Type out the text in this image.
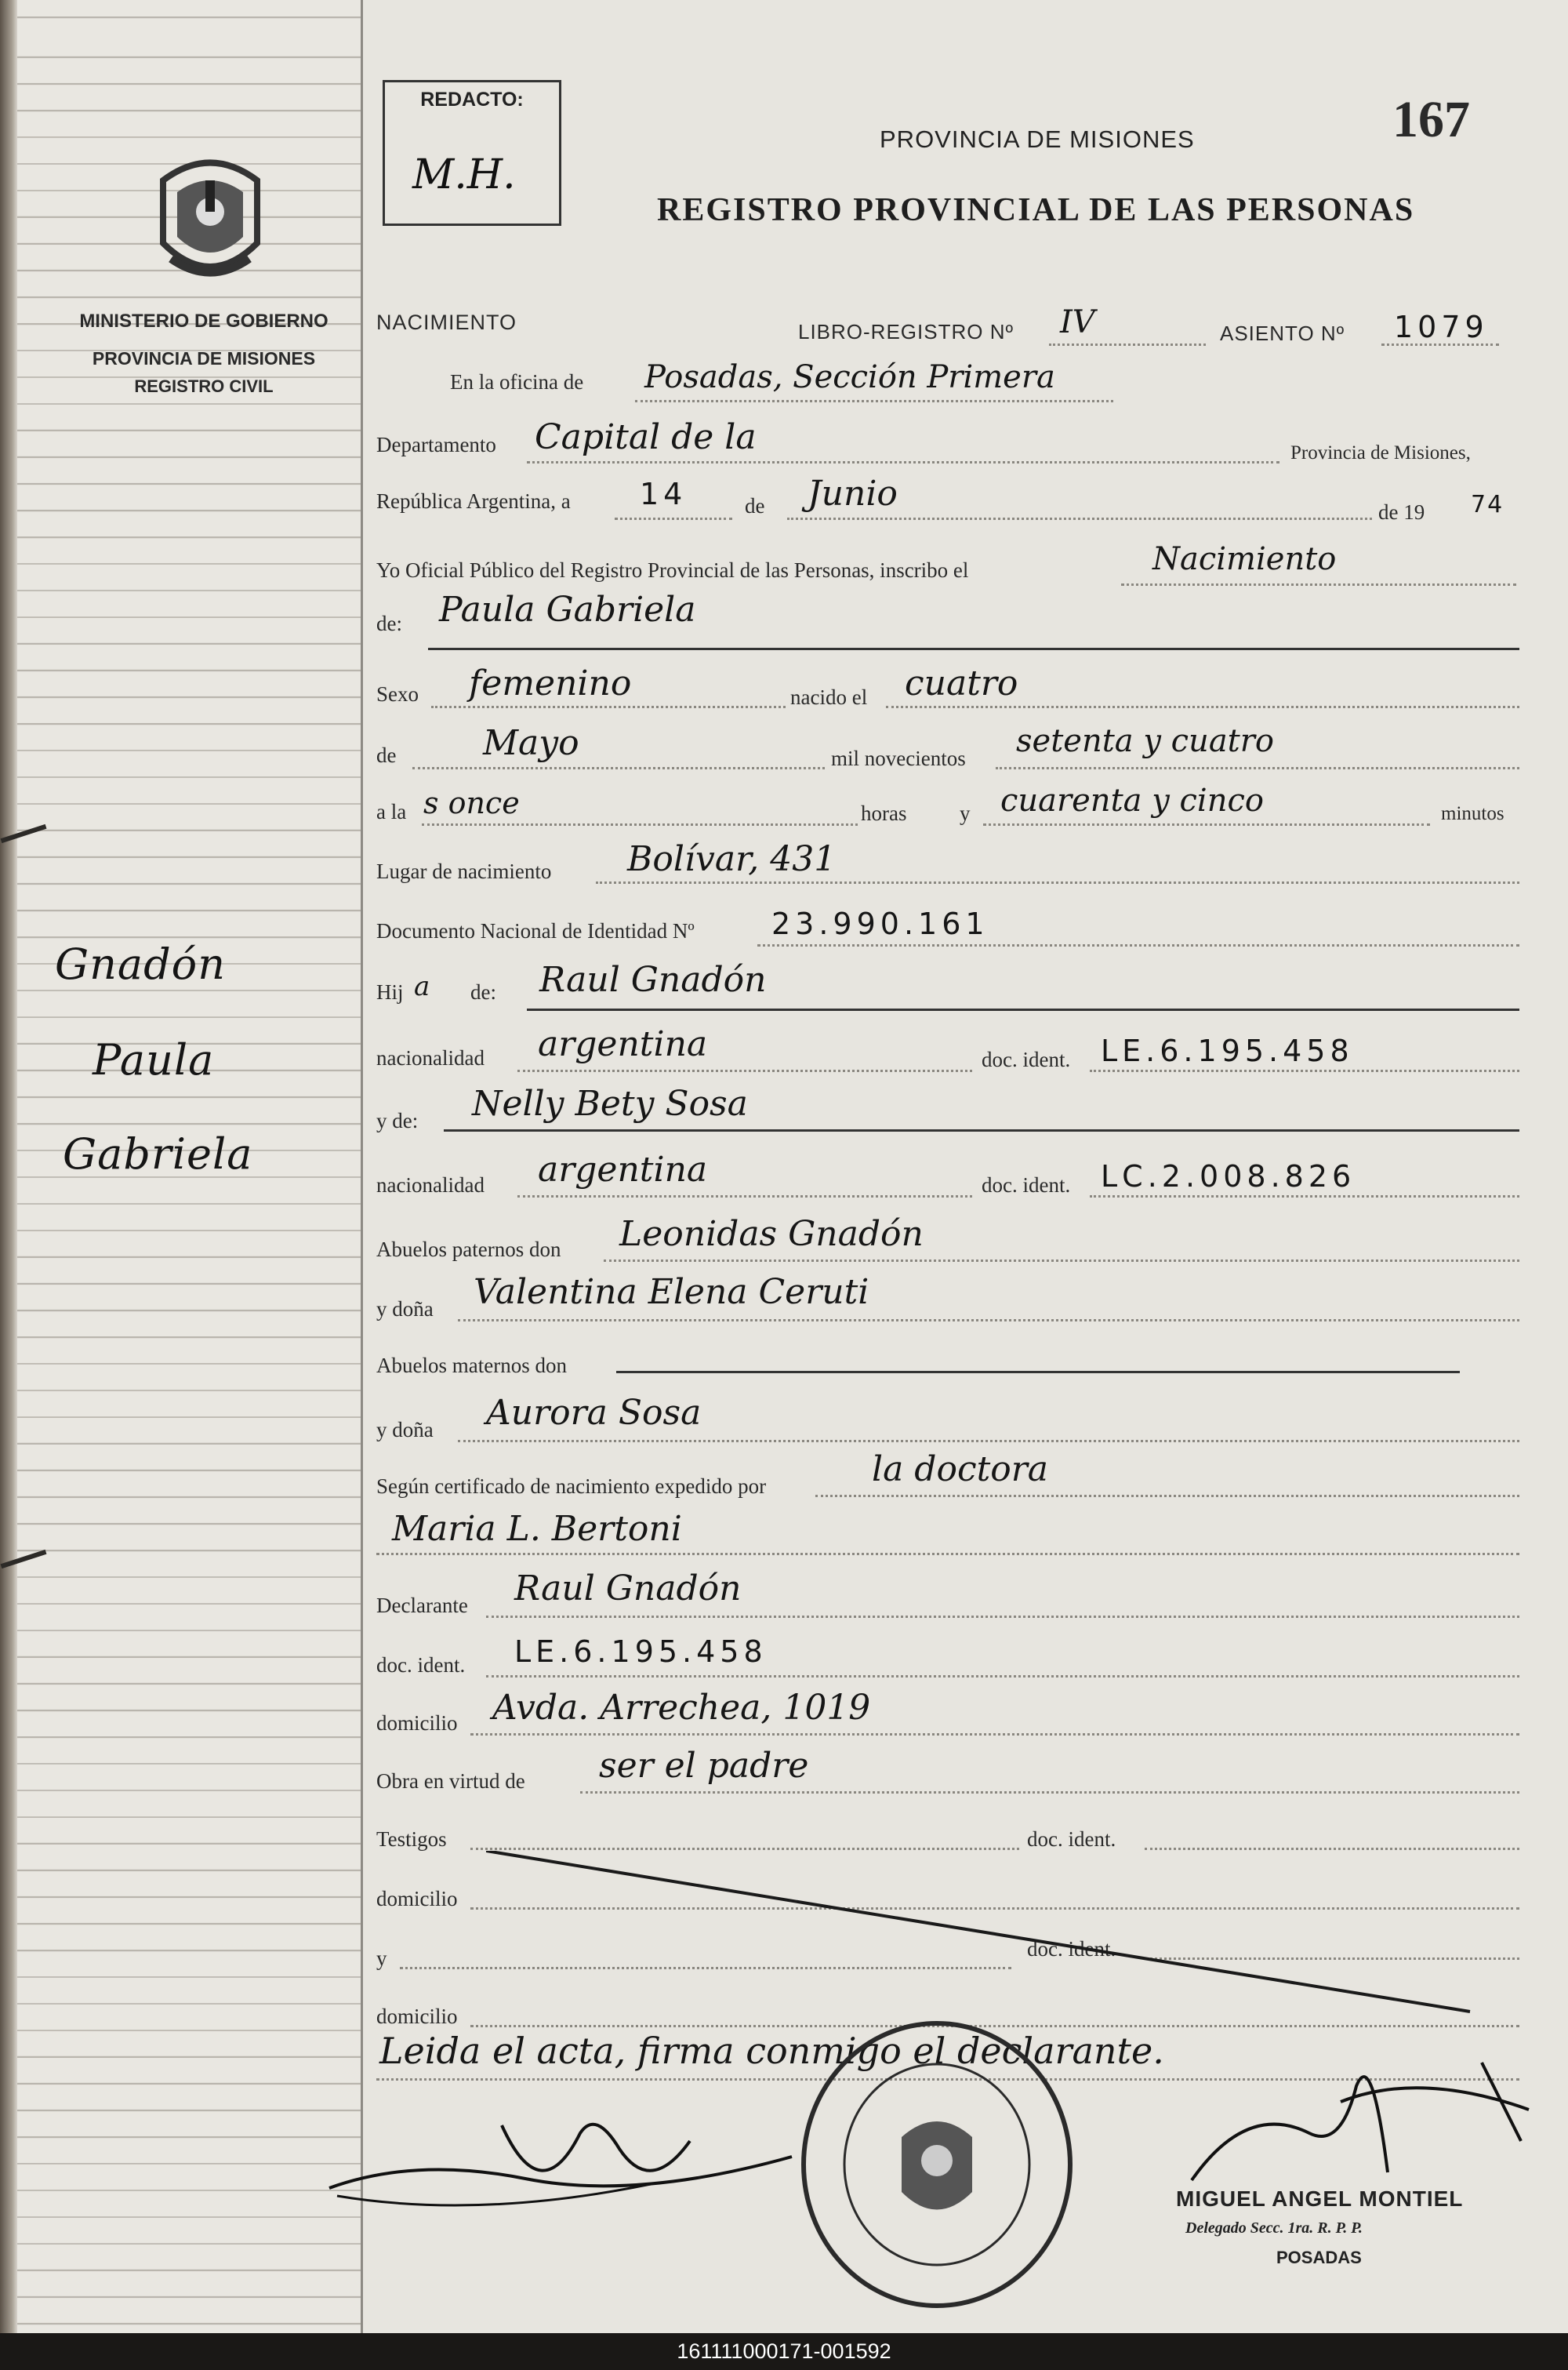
MINISTERIO DE GOBIERNO
PROVINCIA DE MISIONES
REGISTRO CIVIL
Gnadón
Paula
Gabriela
REDACTO:
M.H.
PROVINCIA DE MISIONES
REGISTRO PROVINCIAL DE LAS PERSONAS
167
NACIMIENTO	LIBRO-REGISTRO Nº IV	ASIENTO Nº 1079
En la oficina de Posadas, Sección Primera
Departamento Capital de la	Provincia de Misiones,
República Argentina, a 14	de Junio	de 19 74
Yo Oficial Público del Registro Provincial de las Personas, inscribo el	Nacimiento
de: Paula Gabriela
Sexo femenino	nacido el cuatro
de	Mayo	mil novecientos setenta y cuatro
a la s once	horas	y cuarenta y cinco	minutos
Lugar de nacimiento Bolívar, 431
Documento Nacional de Identidad Nº	23.990.161
Hij a de: Raul Gnadón
nacionalidad argentina	doc. ident. LE.6.195.458
y de: Nelly Bety Sosa
nacionalidad argentina	doc. ident. LC.2.008.826
Abuelos paternos don Leonidas Gnadón
y doña Valentina Elena Ceruti
Abuelos maternos don
y doña Aurora Sosa
Según certificado de nacimiento expedido por	la doctora
Maria L. Bertoni
Declarante Raul Gnadón
doc. ident. LE.6.195.458
domicilio Avda. Arrechea, 1019
Obra en virtud de ser el padre
Testigos	doc. ident.
domicilio
y	doc. ident.
domicilio
Leida el acta, firma conmigo el declarante.
MIGUEL ANGEL MONTIEL
Delegado Secc. 1ra. R. P. P.
POSADAS
161111000171-001592
